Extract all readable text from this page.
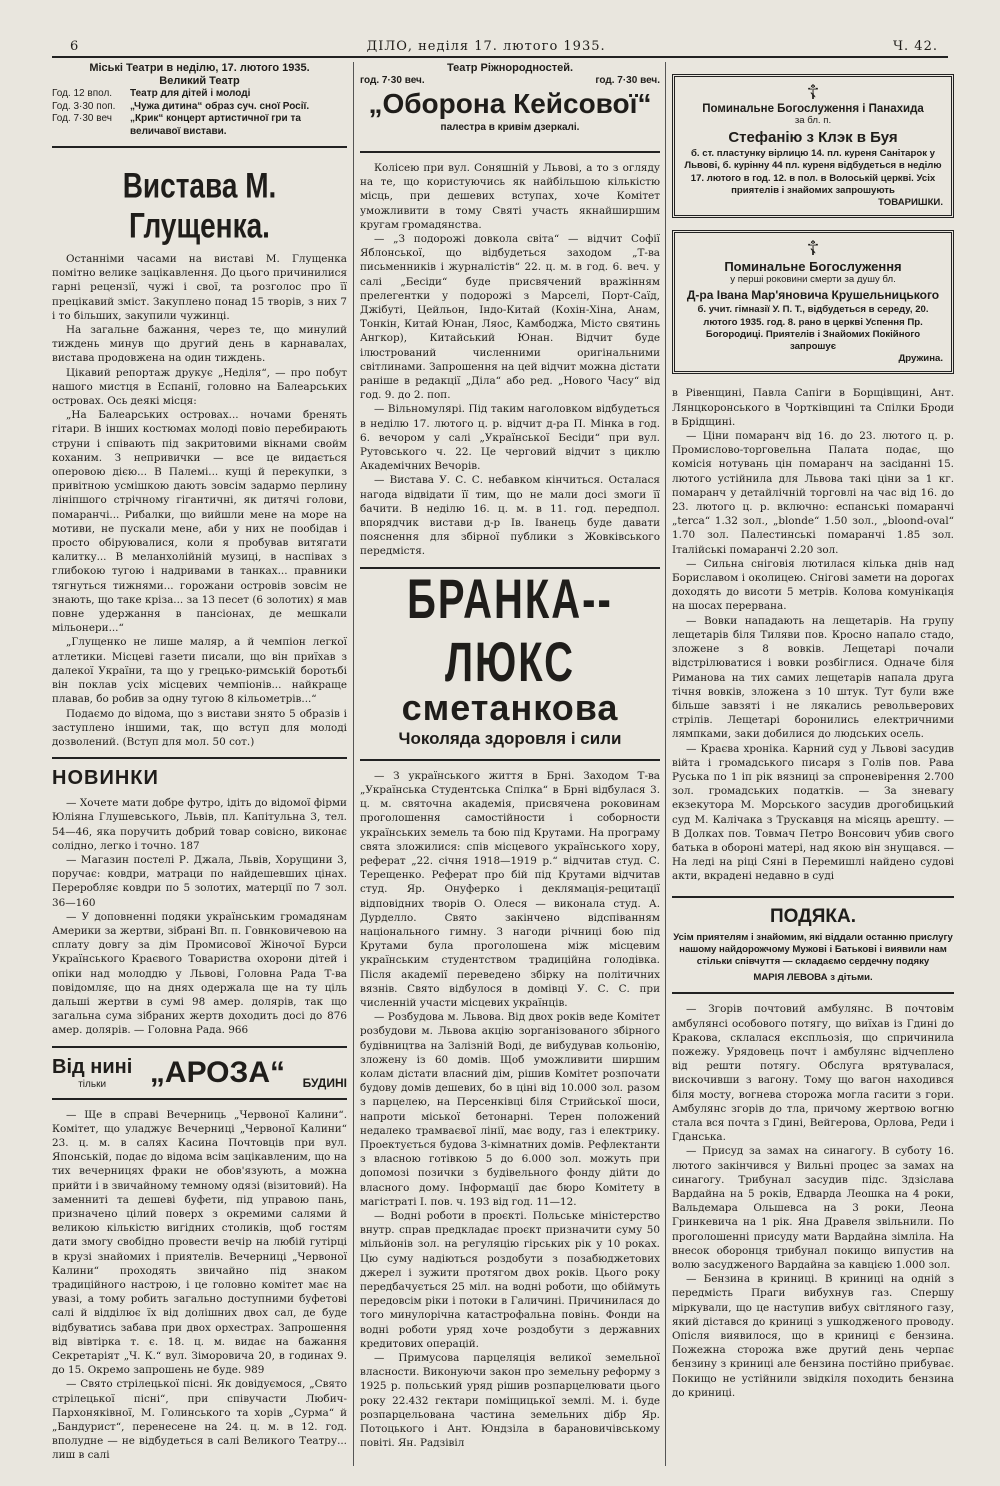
6	ДІЛО, неділя 17. лютого 1935.	Ч. 42.
Міські Театри в неділю, 17. лютого 1935.
Великий Театр
Год. 12 впол.	Театр для дітей і молоді
Год. 3·30 поп.	„Чужа дитина“ образ суч. сної Росії.
Год. 7·30 веч	„Крик“ концерт артистичної гри та величавої вистави.
Вистава М. Глущенка.

Останніми часами на виставі М. Глущенка помітно велике зацікавлення. До цього причинилися гарні рецензії, чужі і свої, та розголос про її прецікавий зміст. Закуплено понад 15 творів, з них 7 і то більших, закупили чужинці.

На загальне бажання, через те, що минулий тиждень минув що другий день в карнавалах, вистава продовжена на один тиждень.

Цікавий репортаж друкує „Неділя“, — про побут нашого мистця в Еспанії, головно на Балеарських островах. Ось деякі місця:

„На Балеарських островах... ночами бренять гітари. В інших костюмах молоді повіо перебирають струни і співають під закритовими вікнами свойм коханим. З непривички — все це видається оперовою дією... В Палемі... кущі й перекупки, з привітною усмішкою дають зовсім задармо перлину лініпшого стрічному гігантичні, як дитячі голови, помаранчі... Рибалки, що вийшли мене на море на мотиви, не пускали мене, аби у них не пообідав і просто обіруювалися, коли я пробував витягати калитку... В меланхолійній музиці, в наспівах з глибокою тугою і надривами в танках... правники тягнуться тижнями... горожани островів зовсім не знають, що таке кріза... за 13 песет (6 золотих) я мав повне удержання в пансіонах, де мешкали мільонери...“

„Глущенко не лише маляр, а й чемпіон легкої атлетики. Місцеві газети писали, що він приїхав з далекої України, та що у грецько-римській боротьбі він поклав усіх місцевих чемпіонів... найкраще плавав, бо робив за одну тугою 8 кільометрів...“

Подаємо до відома, що з вистави знято 5 образів і заступлено іншими, так, що вступ для молоді дозволений. (Вступ для мол. 50 сот.)

НОВИНКИ

— Хочете мати добре футро, ідіть до відомої фірми Юліяна Глушевського, Львів, пл. Капітульна 3, тел. 54—46, яка поручить добрий товар совісно, виконає солідно, легко і точно. 187

— Магазин постелі Р. Джала, Львів, Хорущини 3, поручає: ковдри, матраци по найдешевших цінах. Переробляє ковдри по 5 золотих, матерції по 7 зол. 36—160

— У доповненні подяки українським громадянам Америки за жертви, зібрані Вп. п. Говнковичевою на сплату довгу за дім Промисової Жіночої Бурси Українського Краєвого Товариства охорони дітей і опіки над молоддю у Львові, Головна Рада Т-ва повідомляє, що на днях одержала ще на ту ціль дальші жертви в сумі 98 амер. долярів, так що загальна сума зібраних жертв доходить досі до 876 амер. долярів. — Головна Рада. 966

Від нині
тільки	„АРОЗА“ БУДИНІ

— Ще в справі Вечерниць „Червоної Калини“. Комітет, що уладжує Вечерниці „Червоної Калини“ 23. ц. м. в салях Касина Почтовців при вул. Японській, подає до відома всім зацікавленим, що на тих вечерницях фраки не обов'язують, а можна прийти і в звичайному темному одязі (візитовий). На заменниті та дешеві буфети, під управою пань, призначено цілий поверх з окремими салями й великою кількістю вигідних столиків, щоб гостям дати змогу свобідно провести вечір на любій гутірці в крузі знайомих і приятелів. Вечерниці „Червоної Калини“ проходять звичайно під знаком традиційного настрою, і це головно комітет має на увазі, а тому робить загально доступними буфетові салі й відділює їх від долішних двох сал, де буде відбуватись забава при двох орхестрах. Запрошення від вівтірка т. є. 18. ц. м. видає на бажання Секретаріят „Ч. К.“ вул. Зіморовича 20, в годинах 9. до 15. Окремо запрошень не буде. 989

— Свято стрілецької пісні. Як довідуємося, „Свято стрілецької пісні“, при співучасти Любич-Пархоняківної, М. Голинського та хорів „Сурма“ й „Бандурист“, перенесене на 24. ц. м. в 12. год. вполудне — не відбудеться в салі Великого Театру... лиш в салі

Театр Ріжнородностей.
год. 7·30 веч.	год. 7·30 веч.
„Оборона Кейсової“
палестра в кривім дзеркалі.

Колісею при вул. Соняшній у Львові, а то з огляду на те, що користуючись як найбільшою кількістю місць, при дешевих вступах, хоче Комітет уможливити в тому Святі участь якнайширшим кругам громадянства.

— „З подорожі довкола світа“ — відчит Софії Яблонської, що відбудеться заходом „Т-ва письменників і журналістів“ 22. ц. м. в год. 6. веч. у салі „Бесіди“ буде присвячений вражінням прелегентки у подорожі з Марселі, Порт-Саїд, Джібуті, Цейльон, Індо-Китай (Кохін-Хіна, Анам, Тонкін, Китай Юнан, Ляос, Камбоджа, Місто святинь Ангкор), Китайський Юнан. Відчит буде ілюстрований численними оригінальними світлинами. Запрошення на цей відчит можна дістати раніше в редакції „Діла“ або ред. „Нового Часу“ від год. 9. до 2. поп.

— Вільномулярі. Під таким наголовком відбудеться в неділю 17. лютого ц. р. відчит д-ра П. Мінка в год. 6. вечором у салі „Української Бесіди“ при вул. Рутовського ч. 22. Це черговий відчит з циклю Академічних Вечорів.

— Вистава У. С. С. небавком кінчиться. Осталася нагода відвідати її тим, що не мали досі змоги її бачити. В неділю 16. ц. м. в 11. год. передпол. впорядчик вистави д-р Ів. Іванець буде давати пояснення для збірної публики з Жовківського передмістя.

БРАНКА--ЛЮКС
сметанкова
Чоколяда здоровля і сили

— З українського життя в Брні. Заходом Т-ва „Українська Студентська Спілка“ в Брні відбулася 3. ц. м. святочна академія, присвячена роковинам проголошення самостійности і соборности українських земель та бою під Крутами. На програму свята зложилися: спів місцевого українського хору, реферат „22. січня 1918—1919 р.“ відчитав студ. С. Терещенко. Реферат про бій під Крутами відчитав студ. Яр. Онуферко і деклямація-рецитації відповідних творів О. Олеся — виконала студ. А. Дурделло. Свято закінчено відспіванням національного гимну. З нагоди річниці бою під Крутами була проголошена між місцевим українським студентством традиційна голодівка. Після академії переведено збірку на політичних вязнів. Свято відбулося в домівці У. С. С. при численній участи місцевих українців.

— Розбудова м. Львова. Від двох років веде Комітет розбудови м. Львова акцію зорганізованого збірного будівництва на Залізній Воді, де вибудував кольонію, зложену із 60 домів. Щоб уможливити ширшим колам дістати власний дім, рішив Комітет розпочати будову домів дешевих, бо в ціні від 10.000 зол. разом з парцелею, на Персенківці біля Стрийської шоси, напроти міської бетонарні. Терен положений недалеко трамваєвої лінії, має воду, газ і електрику. Проектується будова 3-кімнатних домів. Рефлектанти з власною готівкою 5 до 6.000 зол. можуть при допомозі позички з будівельного фонду дійти до власного дому. Інформації дає бюро Комітету в магістраті І. пов. ч. 193 від год. 11—12.

— Водні роботи в проєкті. Польське міністерство внутр. справ предкладає проєкт призначити суму 50 мільйонів зол. на регуляцію гірських рік у 10 роках. Цю суму надіються роздобути з позабюджетових джерел і зужити протягом двох років. Цього року передбачується 25 міл. на водні роботи, що обіймуть передовсім ріки і потоки в Галичині. Причинилася до того минулорічна катастрофальна повінь. Фонди на водні роботи уряд хоче роздобути з державних кредитових операцій.

— Примусова парцеляція великої земельної власности. Виконуючи закон про земельну реформу з 1925 р. польський уряд рішив розпарцелювати цього року 22.432 гектари поміщицької землі. М. і. буде розпарцельована частина земельних дібр Яр. Потоцького і Ант. Юндзіла в барановичівському повіті. Ян. Радзівіл

☦
Поминальне Богослуження і Панахида
за бл. п.
Стефанію з Клэк в Буя
б. ст. пластунку вірлицю 14. пл. куреня Санітарок у Львові, б. курінну 44 пл. куреня відбудеться в неділю 17. лютого в год. 12. в пол. в Волоській церкві. Усіх приятелів і знайомих запрошують
ТОВАРИШКИ.
☦
Поминальне Богослуження
у перші роковини смерти за душу бл.
Д-ра Івана Мар'яновича Крушельницького
б. учит. гімназії У. П. Т., відбудеться в середу, 20. лютого 1935. год. 8. рано в церкві Успення Пр. Богородиці. Приятелів і Знайомих Покійного запрошує
Дружина.

в Рівенщині, Павла Сапіги в Борщівщині, Ант. Лянцкоронського в Чортківщині та Спілки Броди в Брідщині.

— Ціни помаранч від 16. до 23. лютого ц. р. Промислово-торговельна Палата подає, що комісія нотувань цін помаранч на засіданні 15. лютого устійнила для Львова такі ціни за 1 кг. помаранч у детайлічній торговлі на час від 16. до 23. лютого ц. р. включно: еспанські помаранчі „terca“ 1.32 зол., „blonde“ 1.50 зол., „bloond-oval“ 1.70 зол. Палестинські помаранчі 1.85 зол. Італійські помаранчі 2.20 зол.

— Сильна сніговія лютилася кілька днів над Бориславом і околицею. Снігові замети на дорогах доходять до висоти 5 метрів. Колова комунікація на шосах перервана.

— Вовки нападають на лещетарів. На групу лещетарів біля Тиляви пов. Кросно напало стадо, зложене з 8 вовків. Лещетарі почали відстрілюватися і вовки розбіглися. Одначе біля Риманова на тих самих лещетарів напала друга тічня вовків, зложена з 10 штук. Тут були вже більше завзяті і не лякались револьверових стрілів. Лещетарі боронились електричними лямпками, заки добилися до людських осель.

— Краєва хроніка. Карний суд у Львові засудив війта і громадського писаря з Голів пов. Рава Руська по 1 іп рік вязниці за спроневірення 2.700 зол. громадських податків. — За зневагу екзекутора М. Морського засудив дрогобицький суд М. Калічака з Трускавця на місяць арешту. — В Долках пов. Товмач Петро Вонсович убив свого батька в обороні матері, над якою він знущався. — На леді на ріці Сяні в Перемишлі найдено судові акти, вкрадені недавно в суді

ПОДЯКА.
Усім приятелям і знайомим, які віддали останню прислугу нашому найдорожчому Мужові і Батькові і виявили нам стільки співчуття — складаємо сердечну подяку
МАРІЯ ЛЕВОВА з дітьми.

— Згорів почтовий амбулянс. В почтовім амбулянсі особового потягу, що виїхав із Гдині до Кракова, склалася експльозія, що спричинила пожежу. Урядовець почт і амбулянс відчеплено від решти потягу. Обслуга врятувалася, вискочивши з вагону. Тому що вагон находився біля мосту, вогнева сторожа могла гасити з гори. Амбулянс згорів до тла, причому жертвою вогню стала вся почта з Гдині, Вейгерова, Орлова, Реди і Гданська.

— Присуд за замах на синагогу. В суботу 16. лютого закінчився у Вильні процес за замах на синагогу. Трибунал засудив підс. Здзіслава Вардайна на 5 років, Едварда Леошка на 4 роки, Вальдемара Ольшевса на 3 роки, Леона Гринкевича на 1 рік. Яна Дравеля звільнили. По проголошенні присуду мати Вардайна зімліла. На внесок оборонця трибунал покищо випустив на волю засудженого Вардайна за кавцією 1.000 зол.

— Бензина в криниці. В криниці на одній з передмість Праги вибухнув газ. Спершу міркували, що це наступив вибух світляного газу, який дістався до криниці з ушкодженого проводу. Опісля виявилося, що в криниці є бензина. Пожежна сторожа вже другий день черпає бензину з криниці але бензина постійно прибуває. Покищо не устійнили звідкіля походить бензина до криниці.
